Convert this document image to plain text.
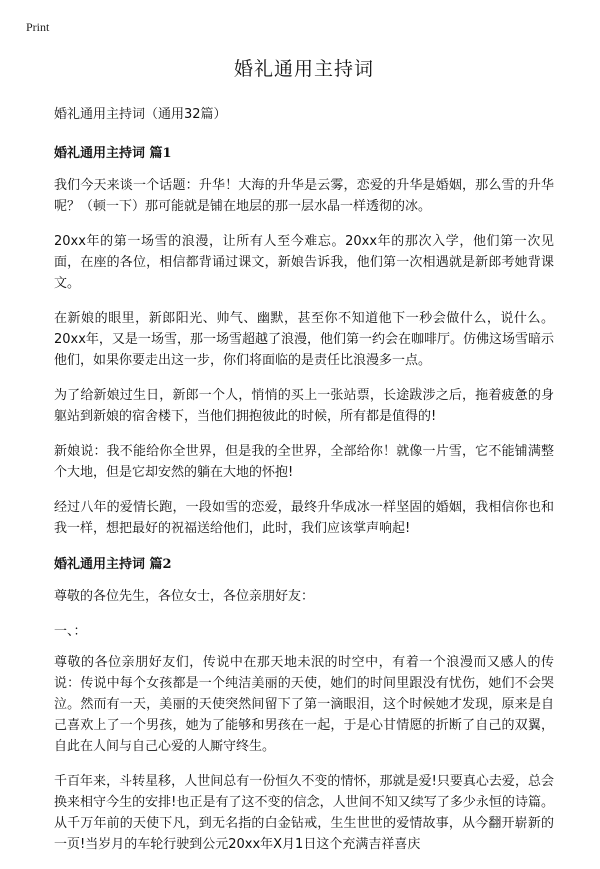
Print
婚礼通用主持词

婚礼通用主持词（通用32篇）

婚礼通用主持词 篇1

我们今天来谈一个话题：升华！大海的升华是云雾，恋爱的升华是婚姻，那么雪的升华呢？（顿一下）那可能就是铺在地层的那一层水晶一样透彻的冰。

20xx年的第一场雪的浪漫，让所有人至今难忘。20xx年的那次入学，他们第一次见面，在座的各位，相信都背诵过课文，新娘告诉我，他们第一次相遇就是新郎考她背课文。

在新娘的眼里，新郎阳光、帅气、幽默，甚至你不知道他下一秒会做什么，说什么。20xx年，又是一场雪，那一场雪超越了浪漫，他们第一约会在咖啡厅。仿佛这场雪暗示他们，如果你要走出这一步，你们将面临的是责任比浪漫多一点。

为了给新娘过生日，新郎一个人，悄悄的买上一张站票，长途跋涉之后，拖着疲惫的身躯站到新娘的宿舍楼下，当他们拥抱彼此的时候，所有都是值得的!

新娘说：我不能给你全世界，但是我的全世界，全部给你！就像一片雪，它不能铺满整个大地，但是它却安然的躺在大地的怀抱!

经过八年的爱情长跑，一段如雪的恋爱，最终升华成冰一样坚固的婚姻，我相信你也和我一样，想把最好的祝福送给他们，此时，我们应该掌声响起!

婚礼通用主持词 篇2

尊敬的各位先生，各位女士，各位亲朋好友：

一、：

尊敬的各位亲朋好友们，传说中在那天地未泯的时空中，有着一个浪漫而又感人的传说：传说中每个女孩都是一个纯洁美丽的天使，她们的时间里跟没有忧伤，她们不会哭泣。然而有一天，美丽的天使突然间留下了第一滴眼泪，这个时候她才发现，原来是自己喜欢上了一个男孩，她为了能够和男孩在一起，于是心甘情愿的折断了自己的双翼，自此在人间与自己心爱的人厮守终生。

千百年来，斗转星移，人世间总有一份恒久不变的情怀，那就是爱!只要真心去爱，总会换来相守今生的安排!也正是有了这不变的信念，人世间不知又续写了多少永恒的诗篇。从千万年前的天使下凡，到无名指的白金钻戒，生生世世的爱情故事，从今翻开崭新的一页!当岁月的车轮行驶到公元20xx年X月1日这个充满吉祥喜庆
